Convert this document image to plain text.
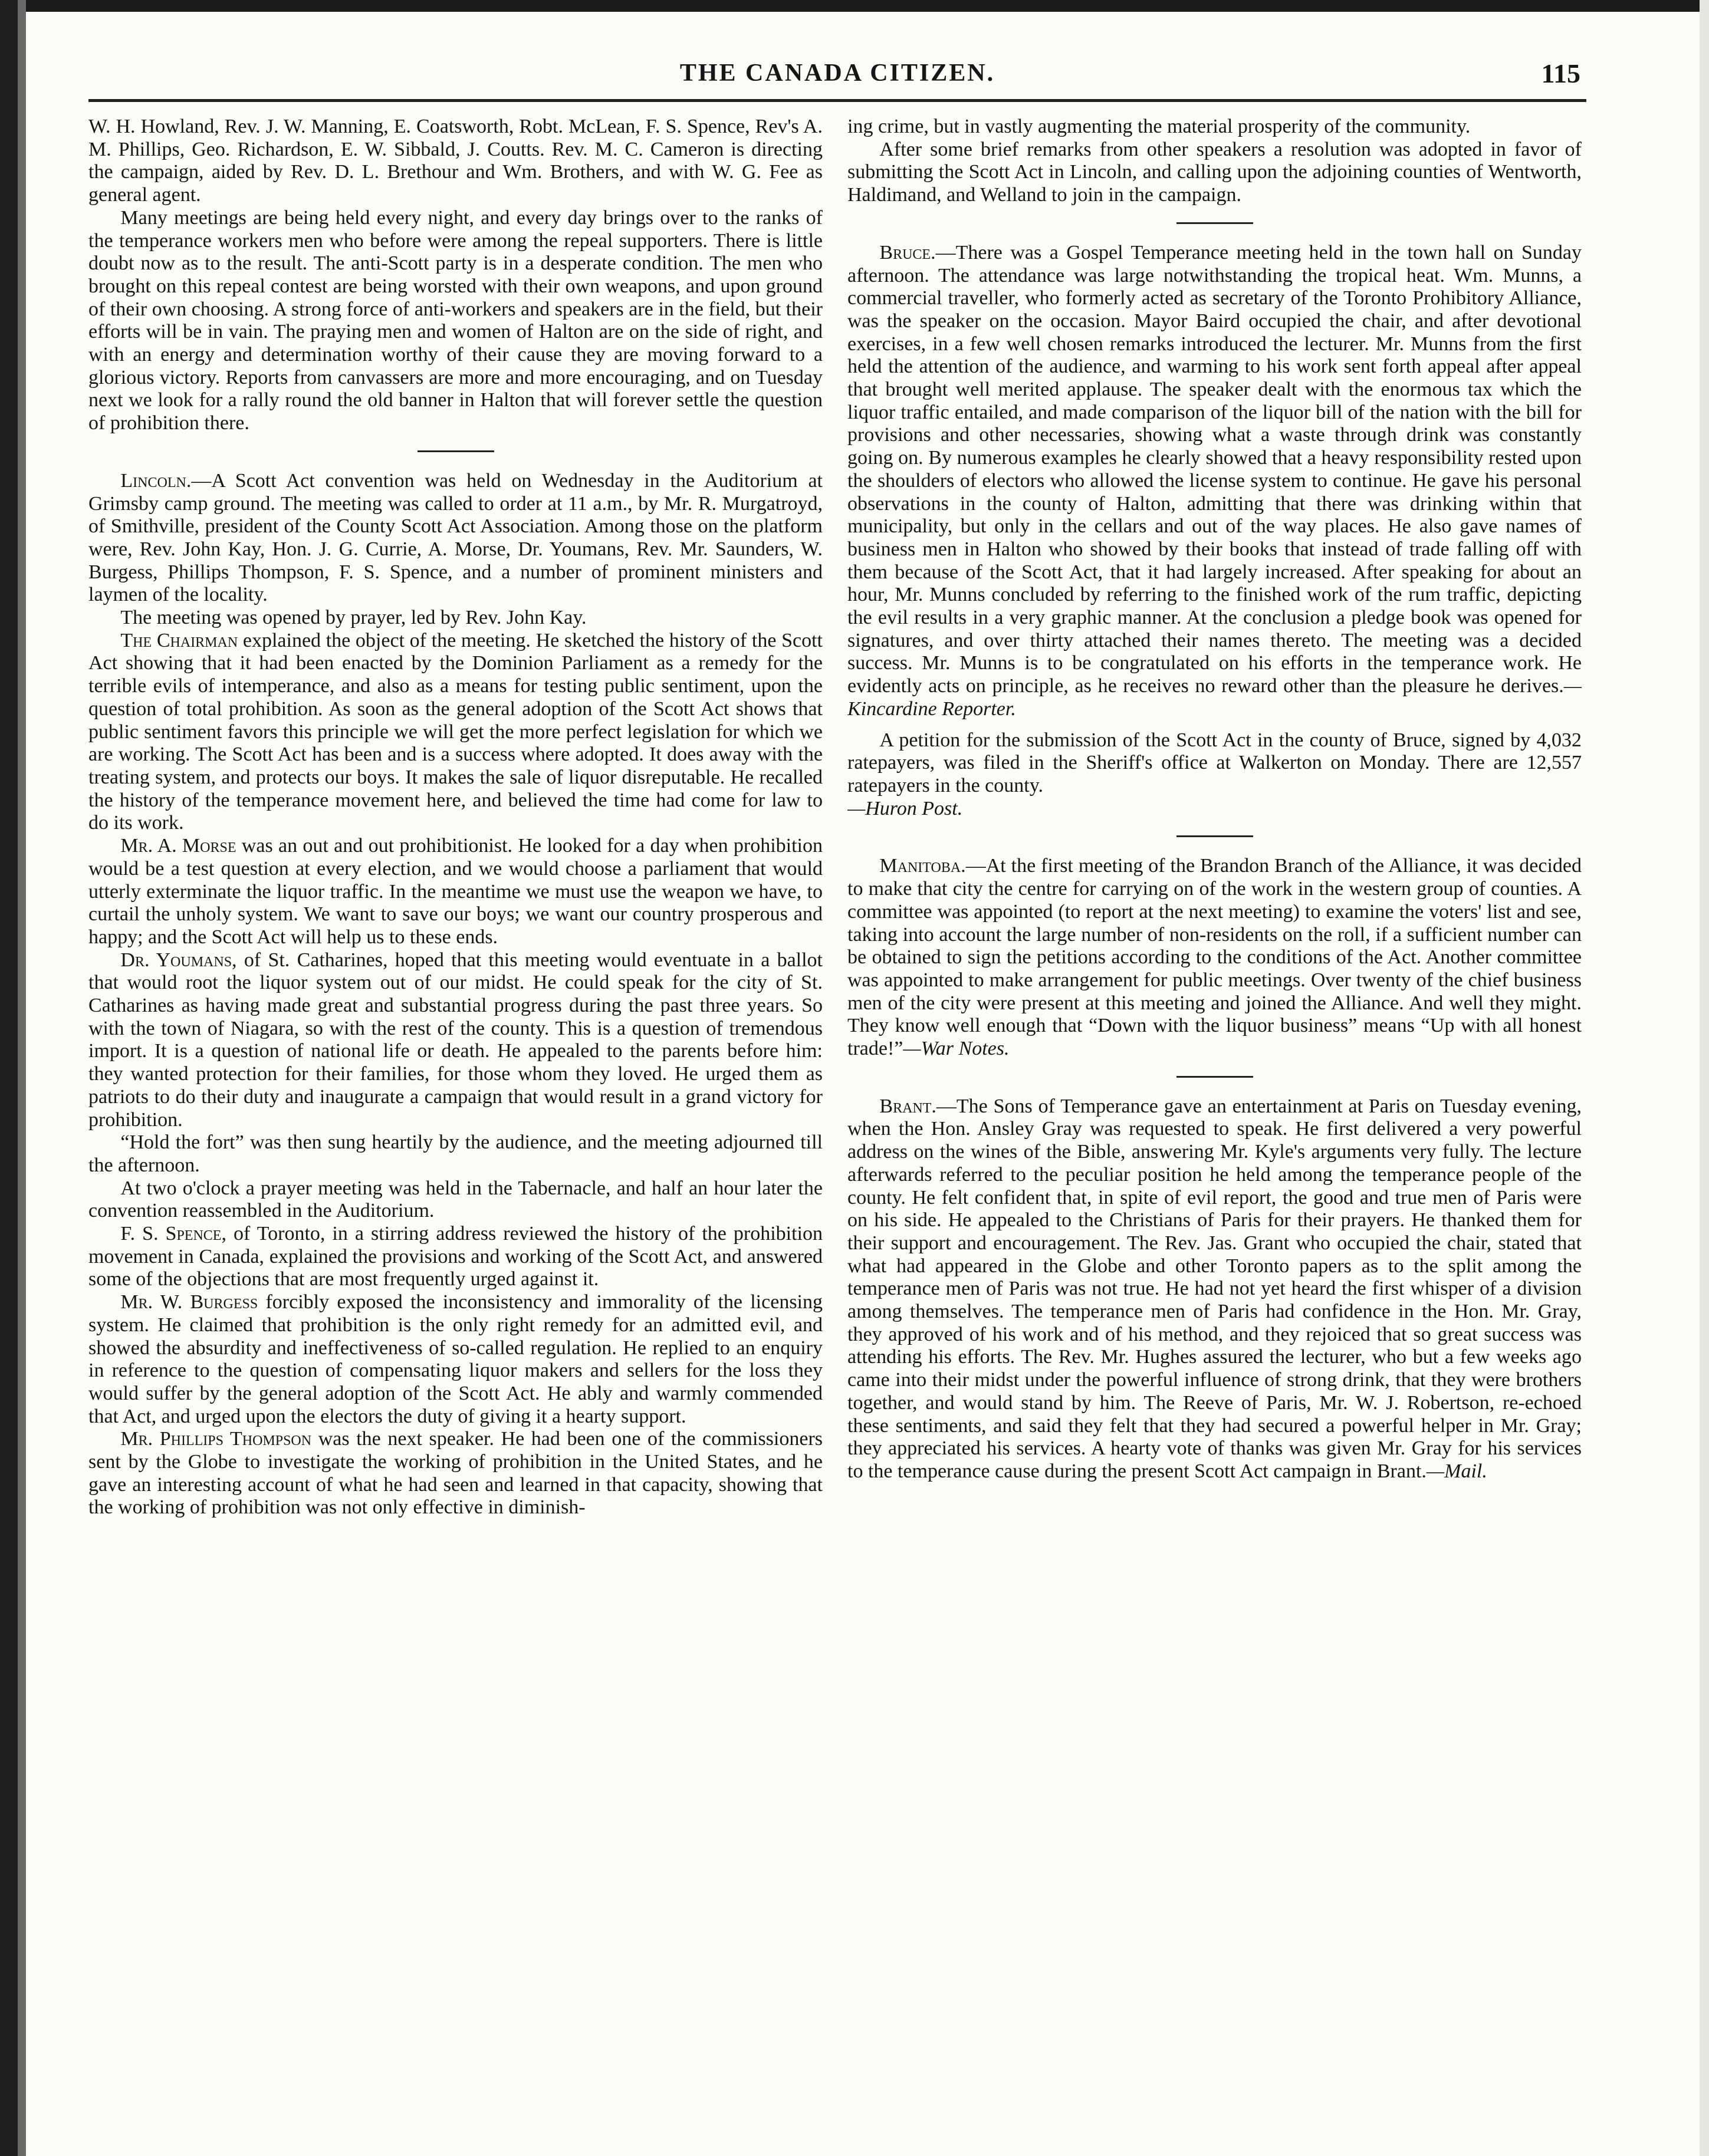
THE CANADA CITIZEN.	115

W. H. Howland, Rev. J. W. Manning, E. Coatsworth, Robt. McLean, F. S. Spence, Rev's A. M. Phillips, Geo. Richardson, E. W. Sibbald, J. Coutts. Rev. M. C. Cameron is directing the campaign, aided by Rev. D. L. Brethour and Wm. Brothers, and with W. G. Fee as general agent.

Many meetings are being held every night, and every day brings over to the ranks of the temperance workers men who before were among the repeal supporters. There is little doubt now as to the result. The anti-Scott party is in a desperate condition. The men who brought on this repeal contest are being worsted with their own weapons, and upon ground of their own choosing. A strong force of anti-workers and speakers are in the field, but their efforts will be in vain. The praying men and women of Halton are on the side of right, and with an energy and determination worthy of their cause they are moving forward to a glorious victory. Reports from canvassers are more and more encouraging, and on Tuesday next we look for a rally round the old banner in Halton that will forever settle the question of prohibition there.

Lincoln.—A Scott Act convention was held on Wednesday in the Auditorium at Grimsby camp ground. The meeting was called to order at 11 a.m., by Mr. R. Murgatroyd, of Smithville, president of the County Scott Act Association. Among those on the platform were, Rev. John Kay, Hon. J. G. Currie, A. Morse, Dr. Youmans, Rev. Mr. Saunders, W. Burgess, Phillips Thompson, F. S. Spence, and a number of prominent ministers and laymen of the locality.

The meeting was opened by prayer, led by Rev. John Kay.

The Chairman explained the object of the meeting. He sketched the history of the Scott Act showing that it had been enacted by the Dominion Parliament as a remedy for the terrible evils of intemperance, and also as a means for testing public sentiment, upon the question of total prohibition. As soon as the general adoption of the Scott Act shows that public sentiment favors this principle we will get the more perfect legislation for which we are working. The Scott Act has been and is a success where adopted. It does away with the treating system, and protects our boys. It makes the sale of liquor disreputable. He recalled the history of the temperance movement here, and believed the time had come for law to do its work.

Mr. A. Morse was an out and out prohibitionist. He looked for a day when prohibition would be a test question at every election, and we would choose a parliament that would utterly exterminate the liquor traffic. In the meantime we must use the weapon we have, to curtail the unholy system. We want to save our boys; we want our country prosperous and happy; and the Scott Act will help us to these ends.

Dr. Youmans, of St. Catharines, hoped that this meeting would eventuate in a ballot that would root the liquor system out of our midst. He could speak for the city of St. Catharines as having made great and substantial progress during the past three years. So with the town of Niagara, so with the rest of the county. This is a question of tremendous import. It is a question of national life or death. He appealed to the parents before him: they wanted protection for their families, for those whom they loved. He urged them as patriots to do their duty and inaugurate a campaign that would result in a grand victory for prohibition.

“Hold the fort” was then sung heartily by the audience, and the meeting adjourned till the afternoon.

At two o'clock a prayer meeting was held in the Tabernacle, and half an hour later the convention reassembled in the Auditorium.

F. S. Spence, of Toronto, in a stirring address reviewed the history of the prohibition movement in Canada, explained the provisions and working of the Scott Act, and answered some of the objections that are most frequently urged against it.

Mr. W. Burgess forcibly exposed the inconsistency and immorality of the licensing system. He claimed that prohibition is the only right remedy for an admitted evil, and showed the absurdity and ineffectiveness of so-called regulation. He replied to an enquiry in reference to the question of compensating liquor makers and sellers for the loss they would suffer by the general adoption of the Scott Act. He ably and warmly commended that Act, and urged upon the electors the duty of giving it a hearty support.

Mr. Phillips Thompson was the next speaker. He had been one of the commissioners sent by the Globe to investigate the working of prohibition in the United States, and he gave an interesting account of what he had seen and learned in that capacity, showing that the working of prohibition was not only effective in diminish-

ing crime, but in vastly augmenting the material prosperity of the community.

After some brief remarks from other speakers a resolution was adopted in favor of submitting the Scott Act in Lincoln, and calling upon the adjoining counties of Wentworth, Haldimand, and Welland to join in the campaign.

Bruce.—There was a Gospel Temperance meeting held in the town hall on Sunday afternoon. The attendance was large notwithstanding the tropical heat. Wm. Munns, a commercial traveller, who formerly acted as secretary of the Toronto Prohibitory Alliance, was the speaker on the occasion. Mayor Baird occupied the chair, and after devotional exercises, in a few well chosen remarks introduced the lecturer. Mr. Munns from the first held the attention of the audience, and warming to his work sent forth appeal after appeal that brought well merited applause. The speaker dealt with the enormous tax which the liquor traffic entailed, and made comparison of the liquor bill of the nation with the bill for provisions and other necessaries, showing what a waste through drink was constantly going on. By numerous examples he clearly showed that a heavy responsibility rested upon the shoulders of electors who allowed the license system to continue. He gave his personal observations in the county of Halton, admitting that there was drinking within that municipality, but only in the cellars and out of the way places. He also gave names of business men in Halton who showed by their books that instead of trade falling off with them because of the Scott Act, that it had largely increased. After speaking for about an hour, Mr. Munns concluded by referring to the finished work of the rum traffic, depicting the evil results in a very graphic manner. At the conclusion a pledge book was opened for signatures, and over thirty attached their names thereto. The meeting was a decided success. Mr. Munns is to be congratulated on his efforts in the temperance work. He evidently acts on principle, as he receives no reward other than the pleasure he derives.—Kincardine Reporter.

A petition for the submission of the Scott Act in the county of Bruce, signed by 4,032 ratepayers, was filed in the Sheriff's office at Walkerton on Monday. There are 12,557 ratepayers in the county.
—Huron Post.

Manitoba.—At the first meeting of the Brandon Branch of the Alliance, it was decided to make that city the centre for carrying on of the work in the western group of counties. A committee was appointed (to report at the next meeting) to examine the voters' list and see, taking into account the large number of non-residents on the roll, if a sufficient number can be obtained to sign the petitions according to the conditions of the Act. Another committee was appointed to make arrangement for public meetings. Over twenty of the chief business men of the city were present at this meeting and joined the Alliance. And well they might. They know well enough that “Down with the liquor business” means “Up with all honest trade!”—War Notes.

Brant.—The Sons of Temperance gave an entertainment at Paris on Tuesday evening, when the Hon. Ansley Gray was requested to speak. He first delivered a very powerful address on the wines of the Bible, answering Mr. Kyle's arguments very fully. The lecture afterwards referred to the peculiar position he held among the temperance people of the county. He felt confident that, in spite of evil report, the good and true men of Paris were on his side. He appealed to the Christians of Paris for their prayers. He thanked them for their support and encouragement. The Rev. Jas. Grant who occupied the chair, stated that what had appeared in the Globe and other Toronto papers as to the split among the temperance men of Paris was not true. He had not yet heard the first whisper of a division among themselves. The temperance men of Paris had confidence in the Hon. Mr. Gray, they approved of his work and of his method, and they rejoiced that so great success was attending his efforts. The Rev. Mr. Hughes assured the lecturer, who but a few weeks ago came into their midst under the powerful influence of strong drink, that they were brothers together, and would stand by him. The Reeve of Paris, Mr. W. J. Robertson, re-echoed these sentiments, and said they felt that they had secured a powerful helper in Mr. Gray; they appreciated his services. A hearty vote of thanks was given Mr. Gray for his services to the temperance cause during the present Scott Act campaign in Brant.—Mail.
